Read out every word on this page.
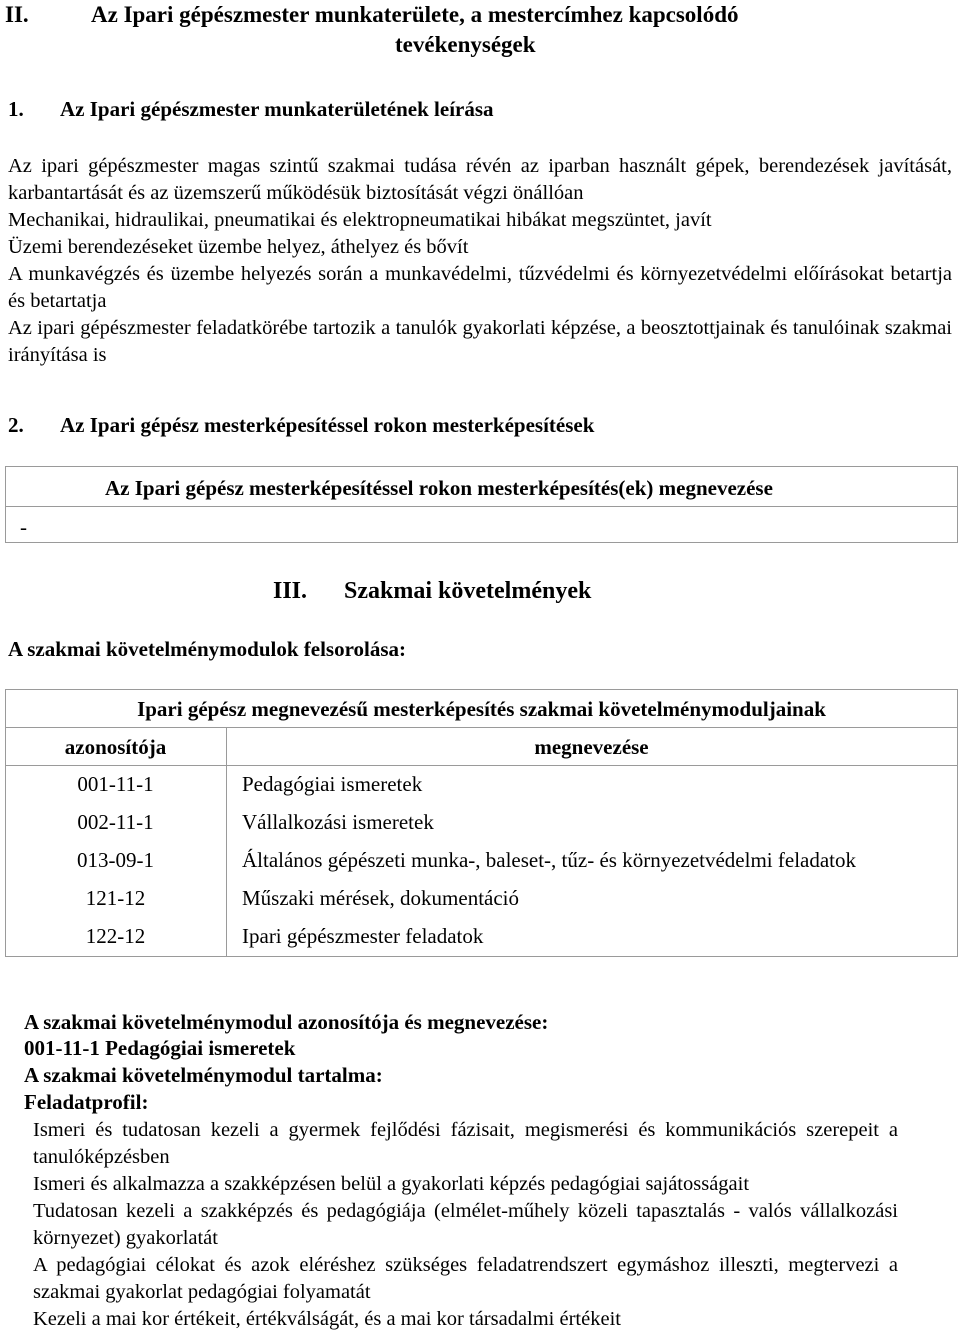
II.	Az Ipari gépészmester munkaterülete, a mestercímhez kapcsolódó
tevékenységek
1. Az Ipari gépészmester munkaterületének leírása

Az ipari gépészmester magas szintű szakmai tudása révén az iparban használt gépek, berendezések javítását, karbantartását és az üzemszerű működésük biztosítását végzi önállóan

Mechanikai, hidraulikai, pneumatikai és elektropneumatikai hibákat megszüntet, javít

Üzemi berendezéseket üzembe helyez, áthelyez és bővít

A munkavégzés és üzembe helyezés során a munkavédelmi, tűzvédelmi és környezetvédelmi előírásokat betartja és betartatja

Az ipari gépészmester feladatkörébe tartozik a tanulók gyakorlati képzése, a beosztottjainak és tanulóinak szakmai irányítása is

2. Az Ipari gépész mesterképesítéssel rokon mesterképesítések
Az Ipari gépész mesterképesítéssel rokon mesterképesítés(ek) megnevezése
-
III. Szakmai követelmények
A szakmai követelménymodulok felsorolása:
Ipari gépész megnevezésű mesterképesítés szakmai követelménymoduljainak
azonosítója	megnevezése
001-11-1	Pedagógiai ismeretek
002-11-1	Vállalkozási ismeretek
013-09-1	Általános gépészeti munka-, baleset-, tűz- és környezetvédelmi feladatok
121-12	Műszaki mérések, dokumentáció
122-12	Ipari gépészmester feladatok
A szakmai követelménymodul azonosítója és megnevezése:
001-11-1 Pedagógiai ismeretek
A szakmai követelménymodul tartalma:
Feladatprofil:

Ismeri és tudatosan kezeli a gyermek fejlődési fázisait, megismerési és kommunikációs szerepeit a tanulóképzésben

Ismeri és alkalmazza a szakképzésen belül a gyakorlati képzés pedagógiai sajátosságait

Tudatosan kezeli a szakképzés és pedagógiája (elmélet-műhely közeli tapasztalás - valós vállalkozási környezet) gyakorlatát

A pedagógiai célokat és azok eléréshez szükséges feladatrendszert egymáshoz illeszti, megtervezi a szakmai gyakorlat pedagógiai folyamatát

Kezeli a mai kor értékeit, értékválságát, és a mai kor társadalmi értékeit
